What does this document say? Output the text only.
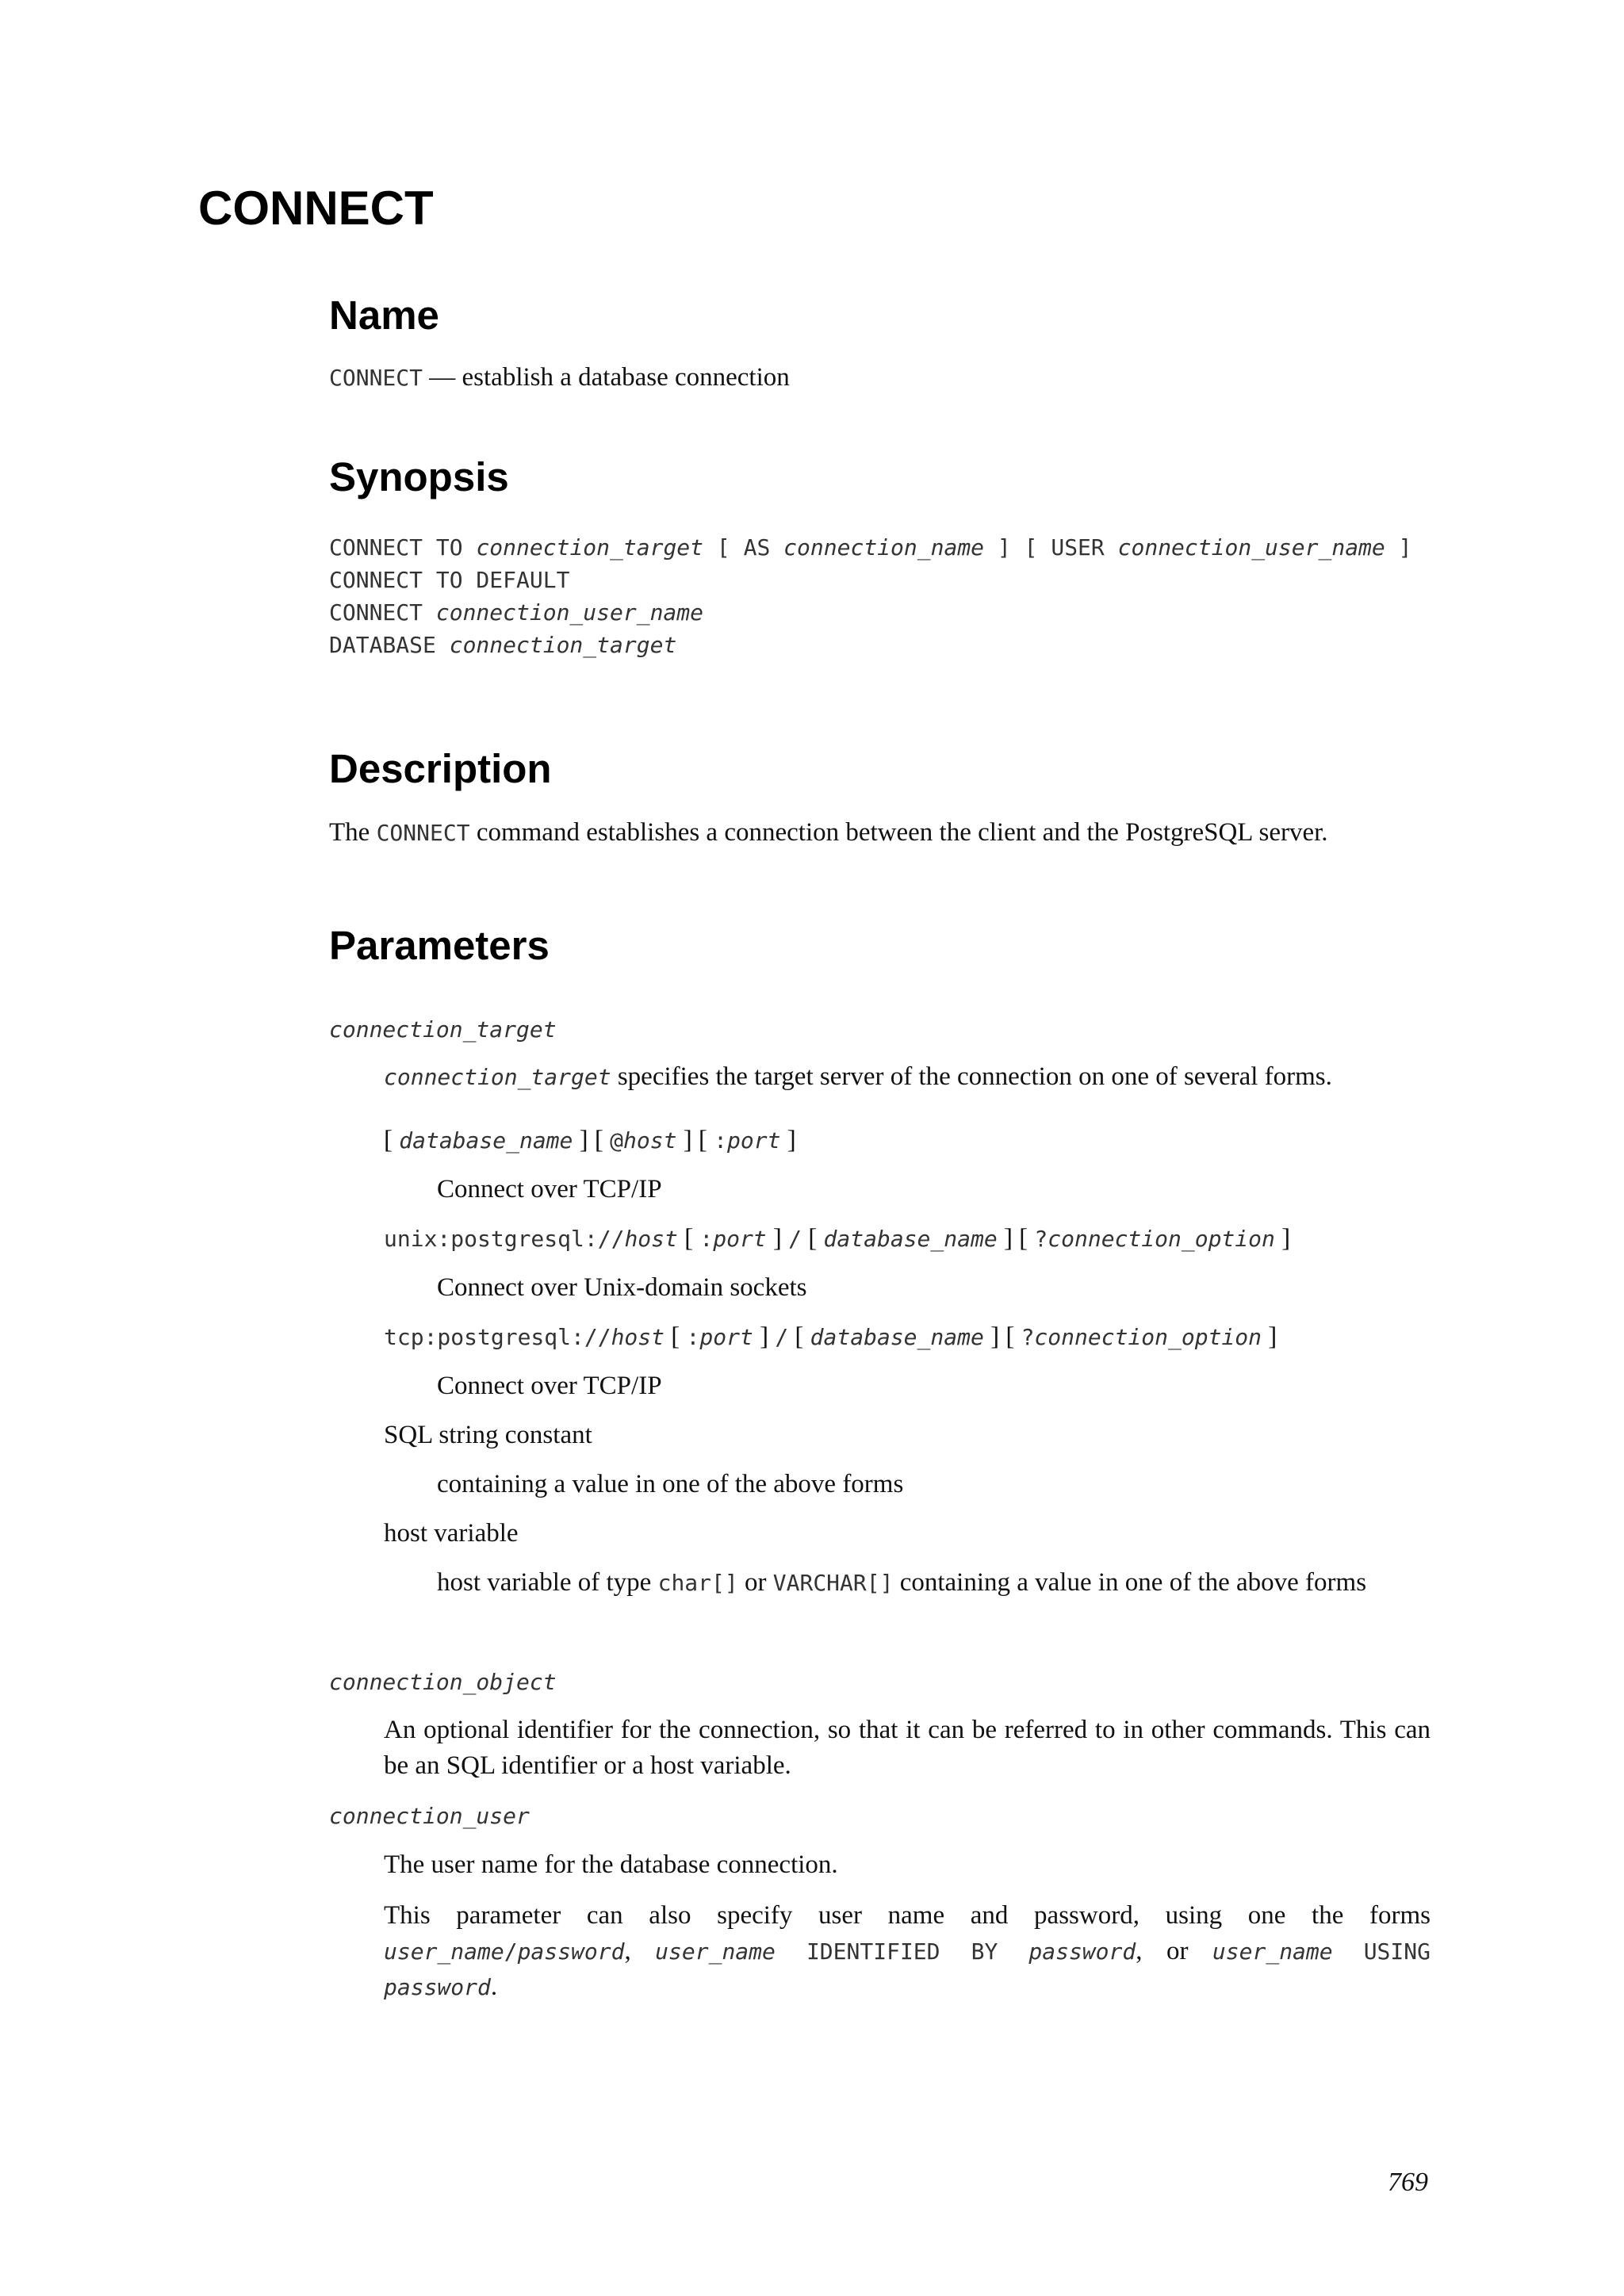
CONNECT
Name
CONNECT — establish a database connection
Synopsis
CONNECT TO connection_target [ AS connection_name ] [ USER connection_user_name ]
CONNECT TO DEFAULT
CONNECT connection_user_name
DATABASE connection_target
Description
The CONNECT command establishes a connection between the client and the PostgreSQL server.
Parameters
connection_target
connection_target specifies the target server of the connection on one of several forms.
[ database_name ] [ @host ] [ :port ]
Connect over TCP/IP
unix:postgresql://host [ :port ] / [ database_name ] [ ?connection_option ]
Connect over Unix-domain sockets
tcp:postgresql://host [ :port ] / [ database_name ] [ ?connection_option ]
Connect over TCP/IP
SQL string constant
containing a value in one of the above forms
host variable
host variable of type char[] or VARCHAR[] containing a value in one of the above forms
connection_object
An optional identifier for the connection, so that it can be referred to in other commands. This can be an SQL identifier or a host variable.
connection_user
The user name for the database connection.
This parameter can also specify user name and password, using one the forms user_name/password, user_name IDENTIFIED BY password, or user_name USING password.
769
